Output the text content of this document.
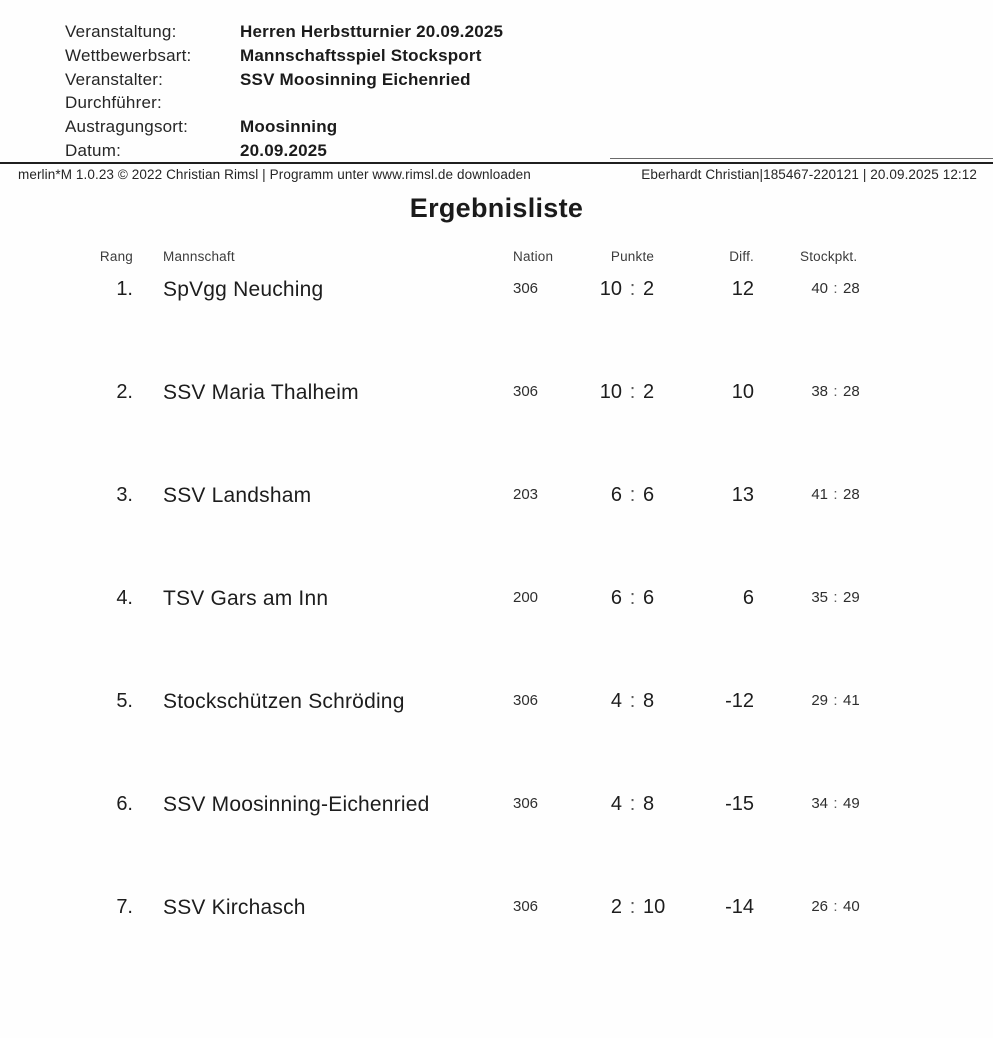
Veranstaltung:	Herren Herbstturnier 20.09.2025
Wettbewerbsart:	Mannschaftsspiel Stocksport
Veranstalter:	SSV Moosinning Eichenried
Durchführer:
Austragungsort:	Moosinning
Datum:	20.09.2025
merlin*M 1.0.23 © 2022 Christian Rimsl | Programm unter www.rimsl.de downloaden	Eberhardt Christian|185467-220121 | 20.09.2025 12:12
Ergebnisliste
Rang Mannschaft	Nation	Punkte	Diff.	Stockpkt.
1. SpVgg Neuching	306	10 : 2	12	40 : 28
2. SSV Maria Thalheim	306	10 : 2	10	38 : 28
3. SSV Landsham	203	6 : 6	13	41 : 28
4. TSV Gars am Inn	200	6 : 6	6	35 : 29
5. Stockschützen Schröding	306	4 : 8	-12	29 : 41
6. SSV Moosinning-Eichenried	306	4 : 8	-15	34 : 49
7. SSV Kirchasch	306	2 : 10	-14	26 : 40
